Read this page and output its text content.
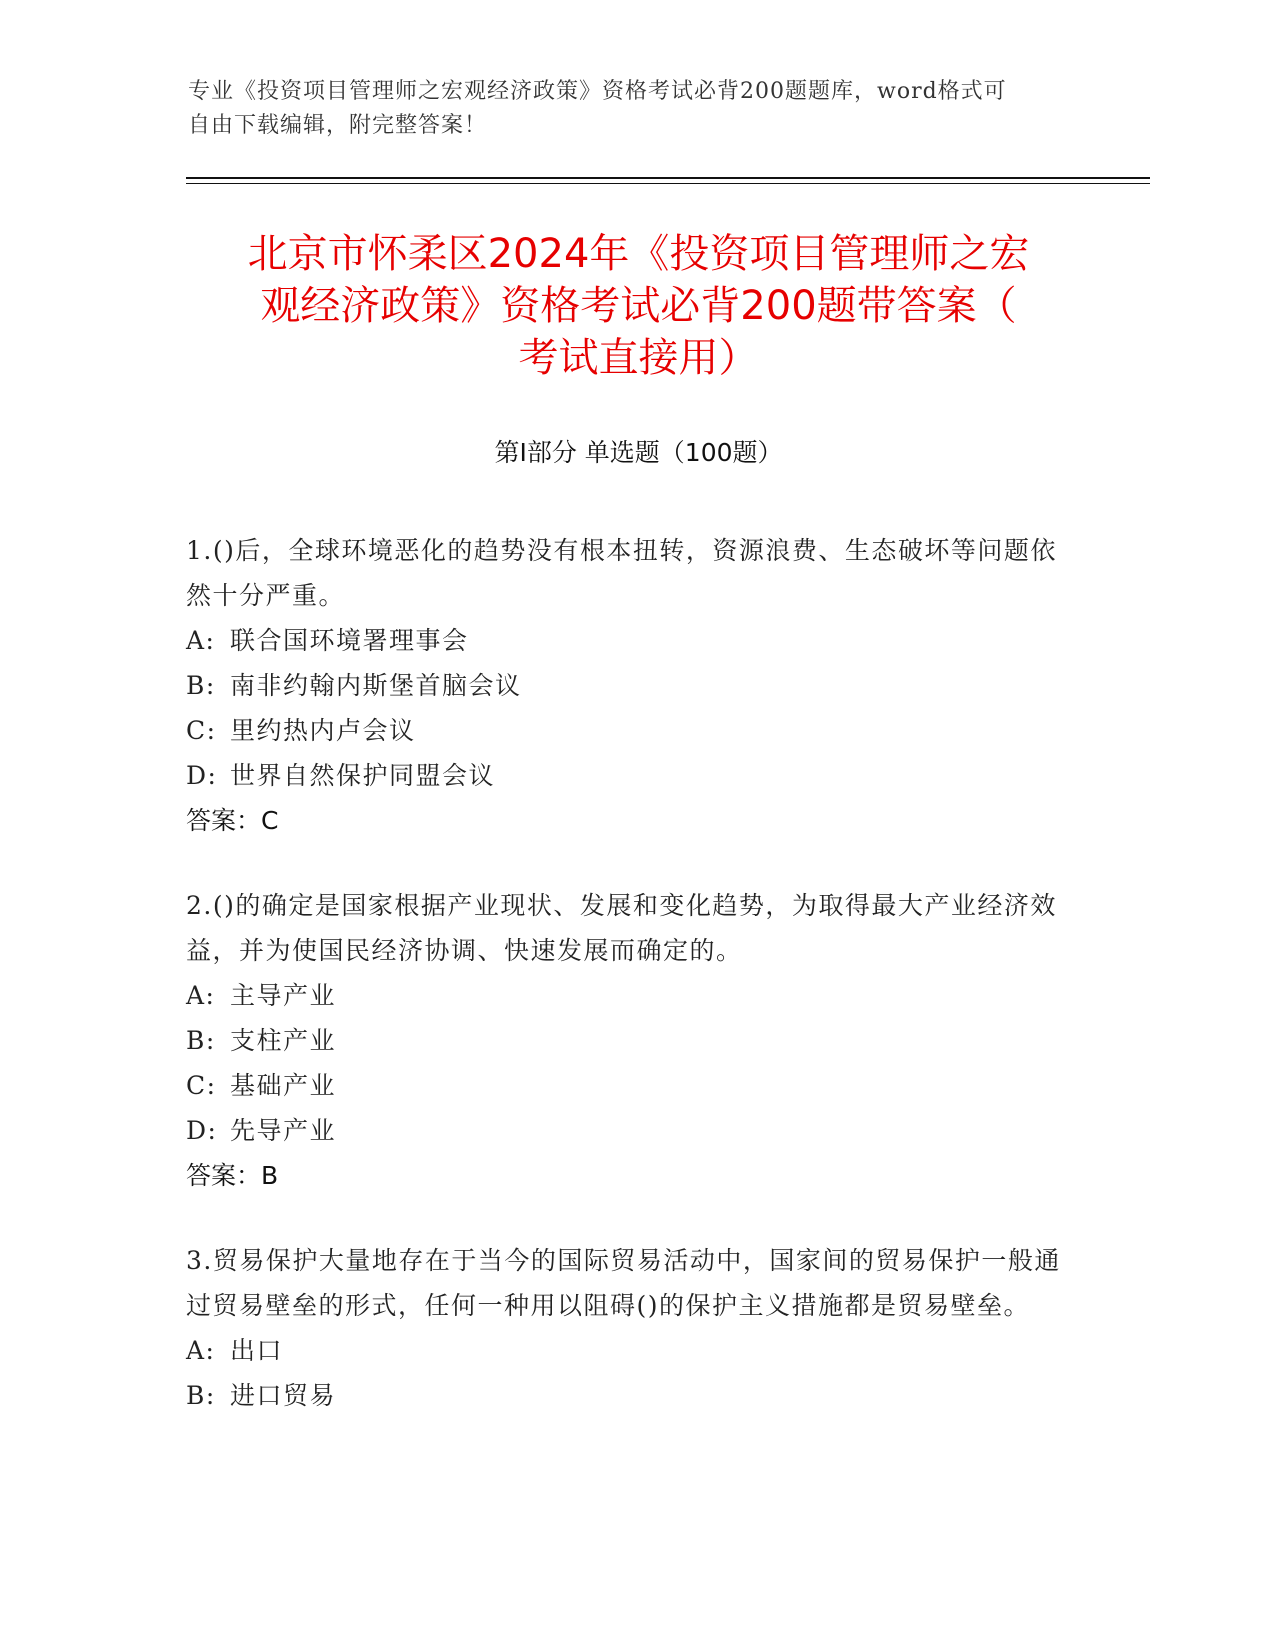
专业《投资项目管理师之宏观经济政策》资格考试必背200题题库，word格式可
自由下载编辑，附完整答案！
北京市怀柔区2024年《投资项目管理师之宏
观经济政策》资格考试必背200题带答案（
考试直接用）
第Ⅰ部分 单选题（100题）

1.()后，全球环境恶化的趋势没有根本扭转，资源浪费、生态破坏等问题依然十分严重。

A: 联合国环境署理事会

B: 南非约翰内斯堡首脑会议

C: 里约热内卢会议

D: 世界自然保护同盟会议

答案：C

2.()的确定是国家根据产业现状、发展和变化趋势，为取得最大产业经济效益，并为使国民经济协调、快速发展而确定的。

A: 主导产业

B: 支柱产业

C: 基础产业

D: 先导产业

答案：B

3.贸易保护大量地存在于当今的国际贸易活动中，国家间的贸易保护一般通过贸易壁垒的形式，任何一种用以阻碍()的保护主义措施都是贸易壁垒。

A: 出口

B: 进口贸易
